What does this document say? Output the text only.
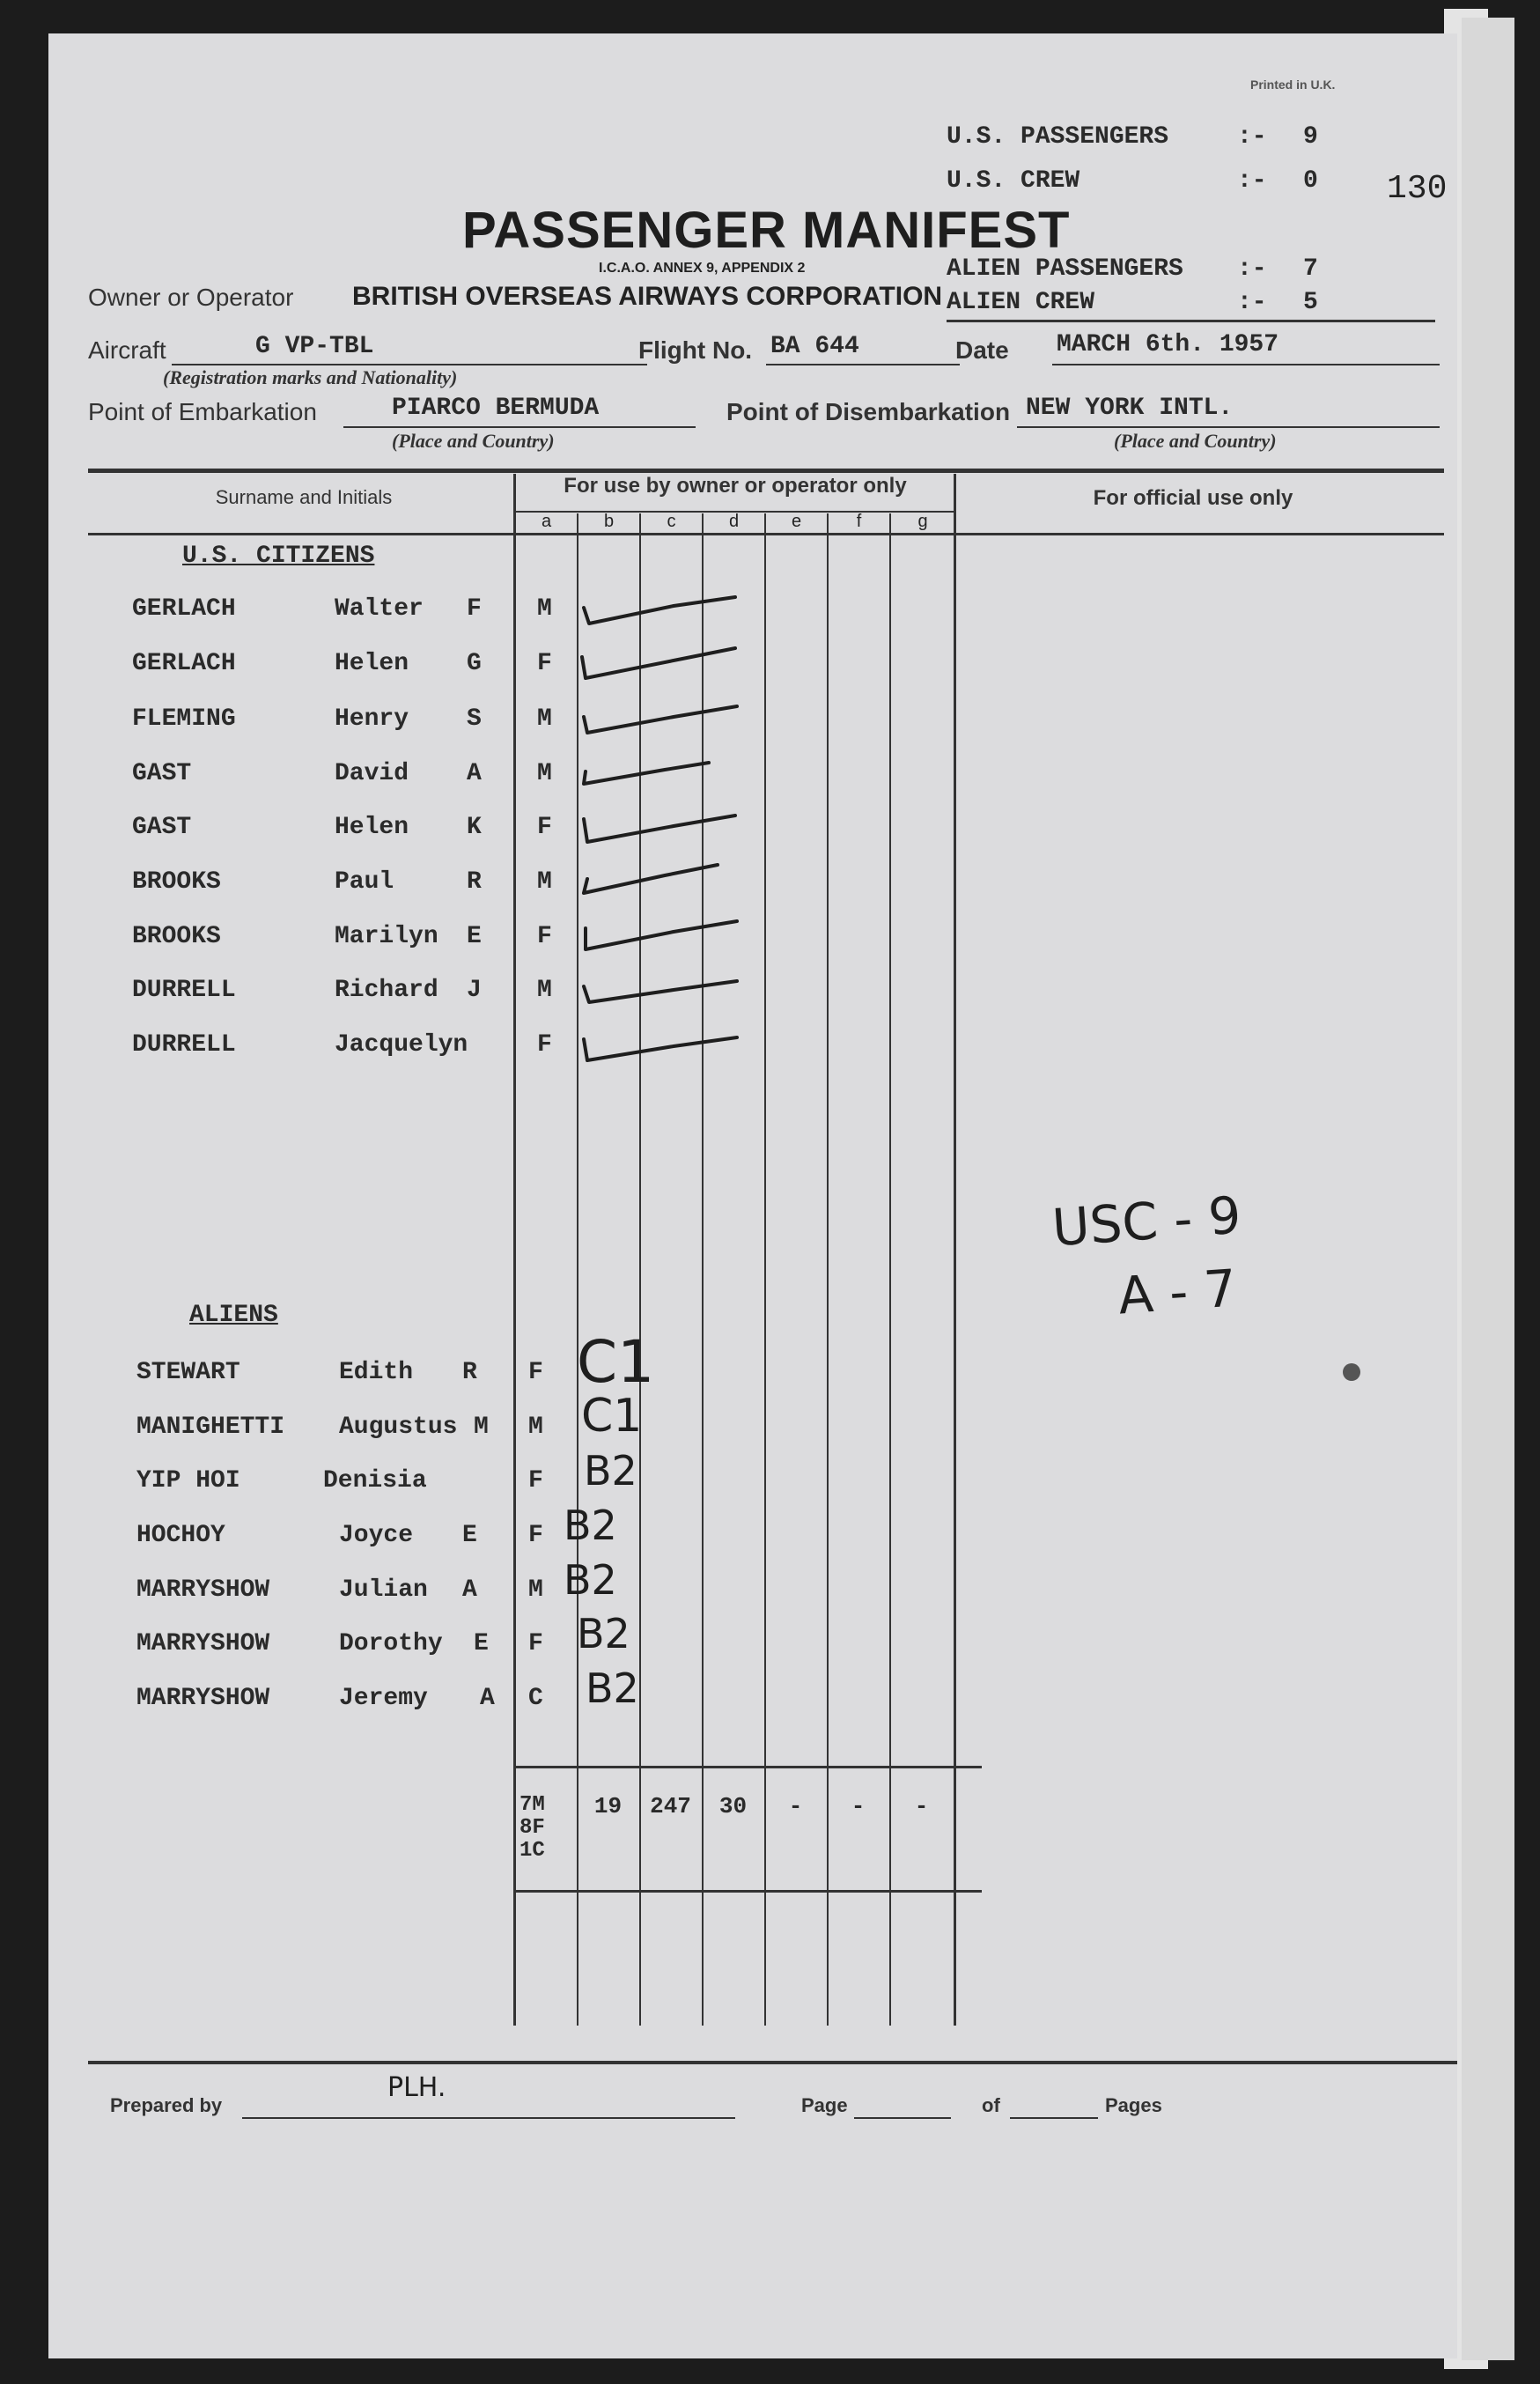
Printed in U.K.
130
U.S. PASSENGERS	:- 9
U.S. CREW	:- 0
ALIEN PASSENGERS :- 7
ALIEN CREW	:- 5
PASSENGER MANIFEST
I.C.A.O. ANNEX 9, APPENDIX 2
Owner or Operator BRITISH OVERSEAS AIRWAYS CORPORATION
Aircraft	G VP-TBL
(Registration marks and Nationality)
Flight No. BA 644	Date MARCH 6th. 1957
Point of Embarkation	PIARCO BERMUDA
(Place and Country)
Point of Disembarkation NEW YORK INTL.
(Place and Country)
Surname and Initials	For use by owner or operator only
For official use only
a	b	c	d	e	f	g
U.S. CITIZENS
GERLACH	Walter F M
GERLACH	Helen G F
FLEMING	Henry S M
GAST	David A M
GAST	Helen K F
BROOKS	Paul	R M
BROOKS	Marilyn E F
DURRELL	Richard J M
DURRELL	Jacquelyn	F
ALIENS
STEWART	Edith R F C1
MANIGHETTI Augustus M M C1
YIP HOI	Denisia	F B2
HOCHOY	Joyce E F B2
MARRYSHOW	Julian A M B2
MARRYSHOW	Dorothy E F B2
MARRYSHOW	Jeremy A C B2
7M
8F
1C
19	247	30	-	-	-
USC - 9
A - 7
Prepared by
PLH.
Page	of	Pages
